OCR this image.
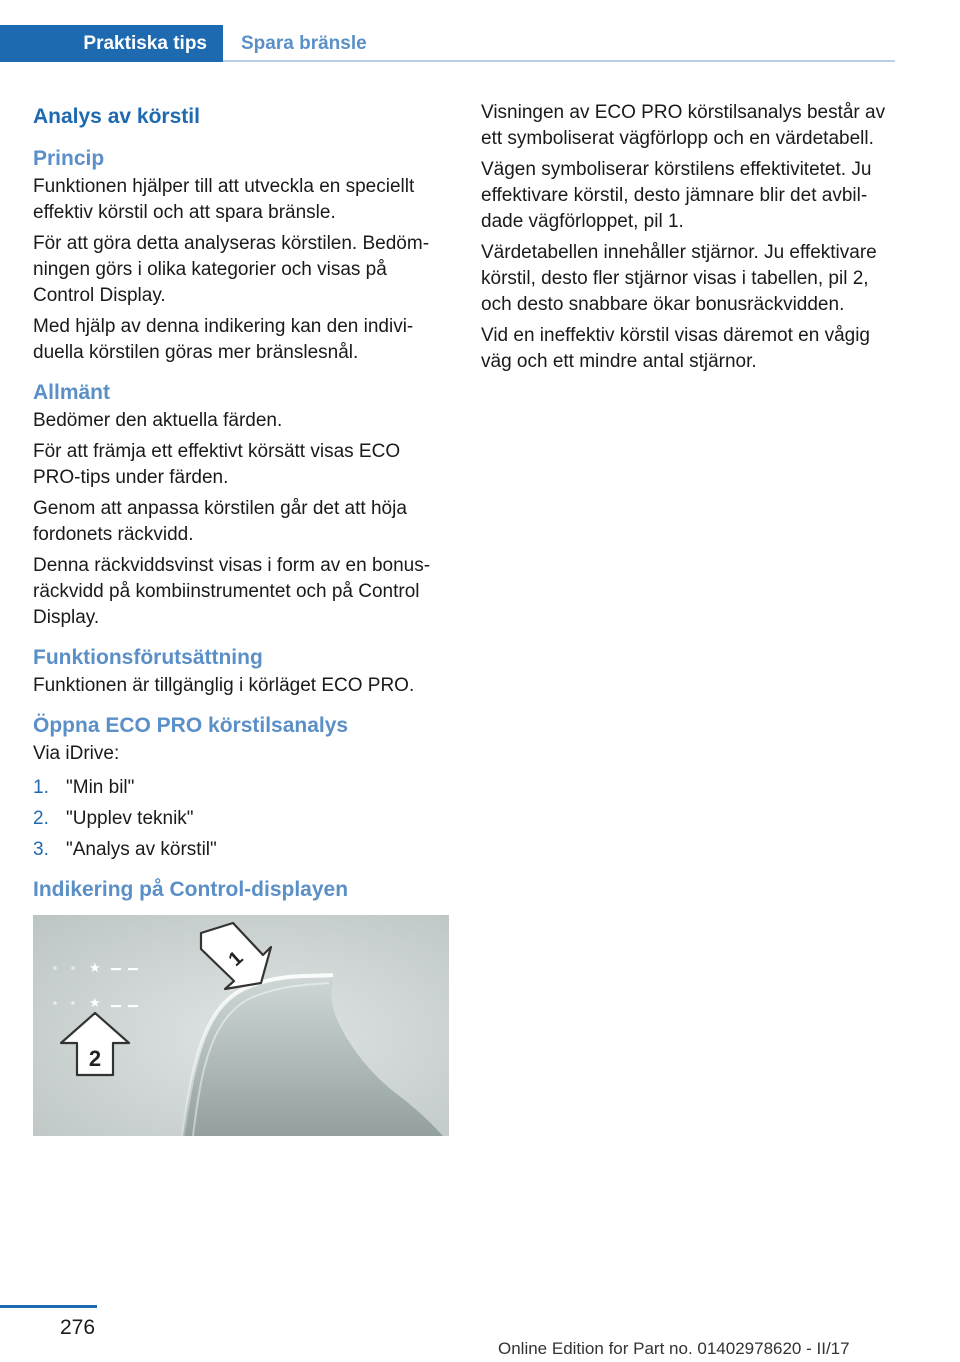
Praktiska tips	Spara bränsle
Analys av körstil
Princip

Funktionen hjälper till att utveckla en speciellt effektiv körstil och att spara bränsle.

För att göra detta analyseras körstilen. Bedömningen görs i olika kategorier och visas på Control Display.

Med hjälp av denna indikering kan den individuella körstilen göras mer bränslesnål.

Allmänt

Bedömer den aktuella färden.

För att främja ett effektivt körsätt visas ECO PRO-tips under färden.

Genom att anpassa körstilen går det att höja fordonets räckvidd.

Denna räckviddsvinst visas i form av en bonusräckvidd på kombiinstrumentet och på Control Display.

Funktionsförutsättning

Funktionen är tillgänglig i körläget ECO PRO.

Öppna ECO PRO körstilsanalys

Via iDrive:

1. "Min bil"
2. "Upplev teknik"
3. "Analys av körstil"
Indikering på Control-displayen
★
★
1
2

Visningen av ECO PRO körstilsanalys består av ett symboliserat vägförlopp och en värdetabell.

Vägen symboliserar körstilens effektivitetet. Ju effektivare körstil, desto jämnare blir det avbildade vägförloppet, pil 1.

Värdetabellen innehåller stjärnor. Ju effektivare körstil, desto fler stjärnor visas i tabellen, pil 2, och desto snabbare ökar bonusräckvidden.

Vid en ineffektiv körstil visas däremot en vågig väg och ett mindre antal stjärnor.

276
Online Edition for Part no. 01402978620 - II/17
